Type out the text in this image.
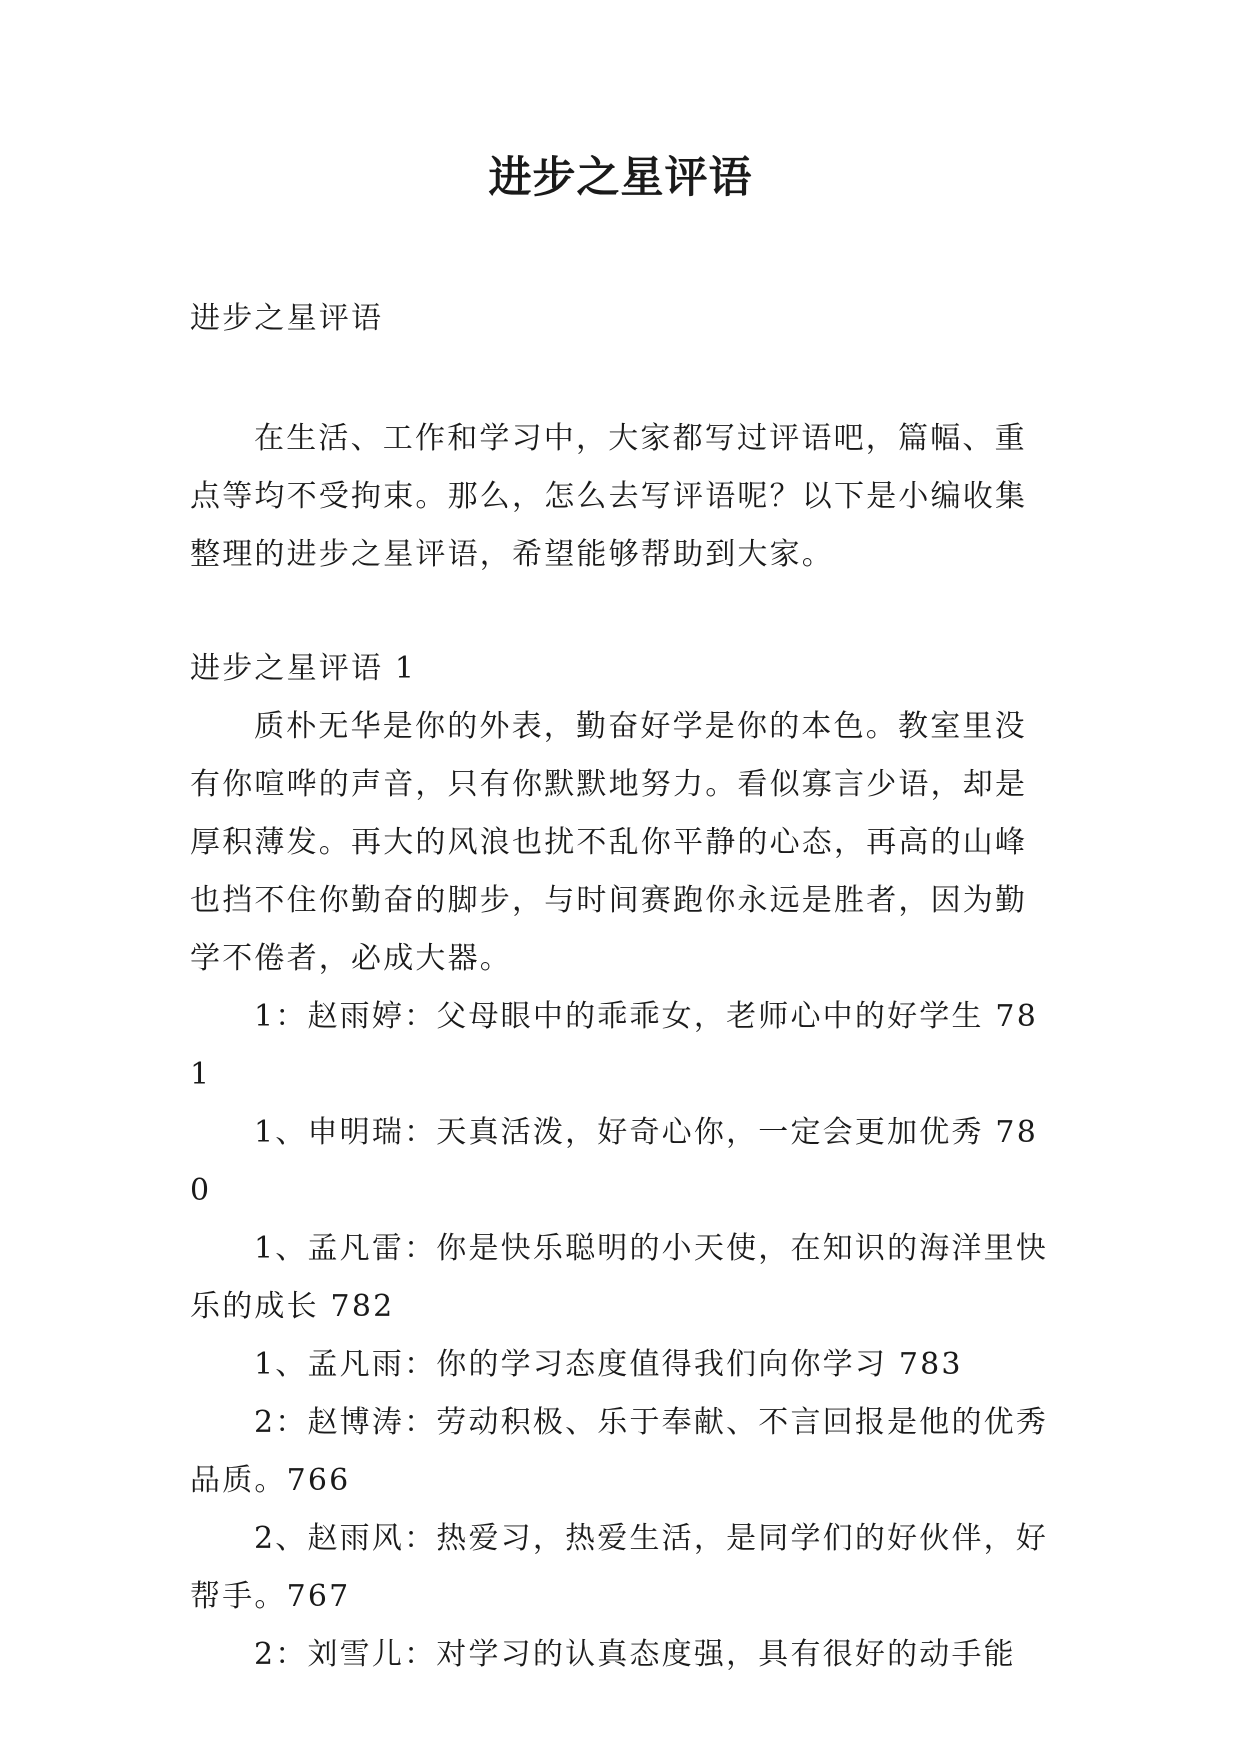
进步之星评语

进步之星评语

在生活、工作和学习中，大家都写过评语吧，篇幅、重点等均不受拘束。那么，怎么去写评语呢？以下是小编收集整理的进步之星评语，希望能够帮助到大家。

进步之星评语 1

质朴无华是你的外表，勤奋好学是你的本色。教室里没有你喧哗的声音，只有你默默地努力。看似寡言少语，却是厚积薄发。再大的风浪也扰不乱你平静的心态，再高的山峰也挡不住你勤奋的脚步，与时间赛跑你永远是胜者，因为勤学不倦者，必成大器。

1：赵雨婷：父母眼中的乖乖女，老师心中的好学生 781

1、申明瑞：天真活泼，好奇心你，一定会更加优秀 780

1、孟凡雷：你是快乐聪明的小天使，在知识的海洋里快乐的成长 782

1、孟凡雨：你的学习态度值得我们向你学习 783

2：赵博涛：劳动积极、乐于奉献、不言回报是他的优秀品质。766

2、赵雨风：热爱习，热爱生活，是同学们的好伙伴，好帮手。767

2：刘雪儿：对学习的认真态度强，具有很好的动手能
